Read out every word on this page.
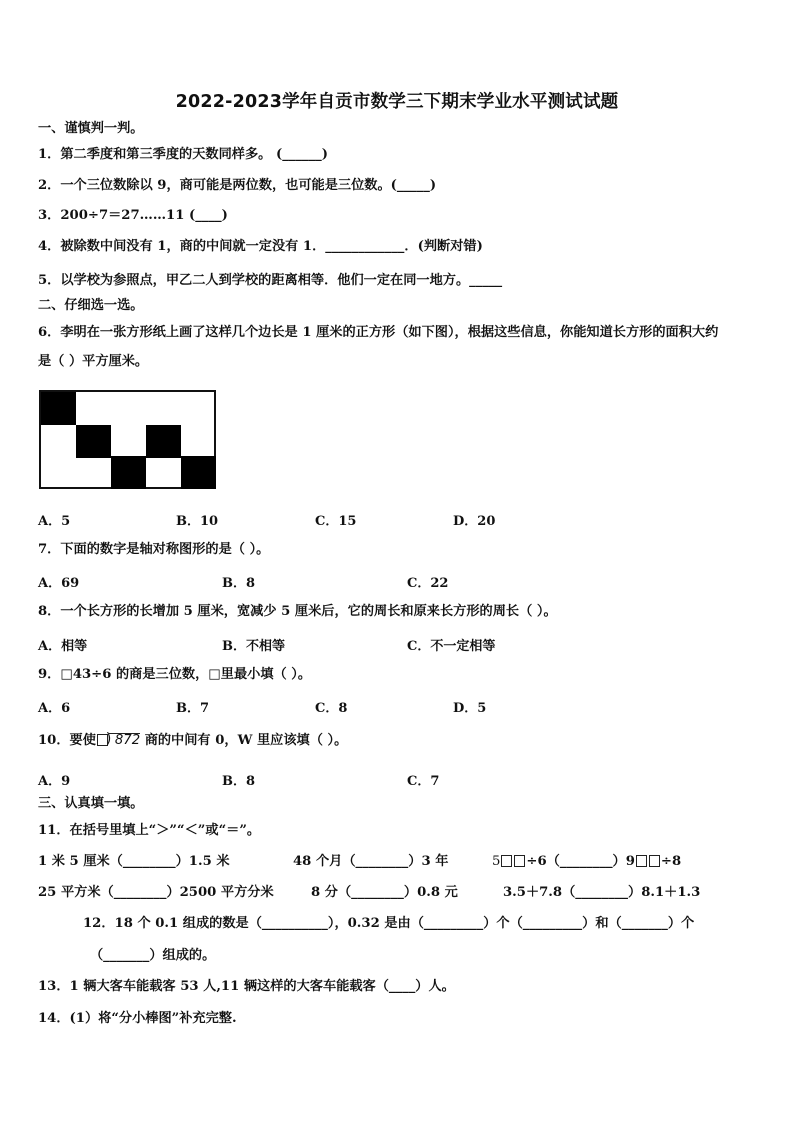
2022-2023学年自贡市数学三下期末学业水平测试试题
一、谨慎判一判。
1．第二季度和第三季度的天数同样多。 (______)
2．一个三位数除以 9，商可能是两位数，也可能是三位数。(_____)
3．200÷7＝27……11 (____)
4．被除数中间没有 1，商的中间就一定没有 1．____________．(判断对错)
5．以学校为参照点，甲乙二人到学校的距离相等．他们一定在同一地方。_____
二、仔细选一选。
6．李明在一张方形纸上画了这样几个边长是 1 厘米的正方形（如下图），根据这些信息，你能知道长方形的面积大约
是（ ）平方厘米。
A．5	B．10	C．15	D．20
7．下面的数字是轴对称图形的是（ ）。
A．69	B．8	C．22
8．一个长方形的长增加 5 厘米，宽减少 5 厘米后，它的周长和原来长方形的周长（ ）。
A．相等	B．不相等	C．不一定相等
9．□43÷6 的商是三位数，□里最小填（ ）。
A．6	B．7	C．8	D．5
10．要使) 872 商的中间有 0，W 里应该填（ ）。
A．9	B．8	C．7
三、认真填一填。
11．在括号里填上“＞”“＜”或“＝”。
1 米 5 厘米（________）1.5 米	48 个月（________）3 年	5 ÷6（________）9 ÷8
25 平方米（________）2500 平方分米	8 分（________）0.8 元	3.5＋7.8（________）8.1＋1.3
12．18 个 0.1 组成的数是（__________），0.32 是由（_________）个（_________）和（_______）个
（_______）组成的。
13．1 辆大客车能载客 53 人,11 辆这样的大客车能载客（____）人。
14．(1）将“分小棒图”补充完整.
